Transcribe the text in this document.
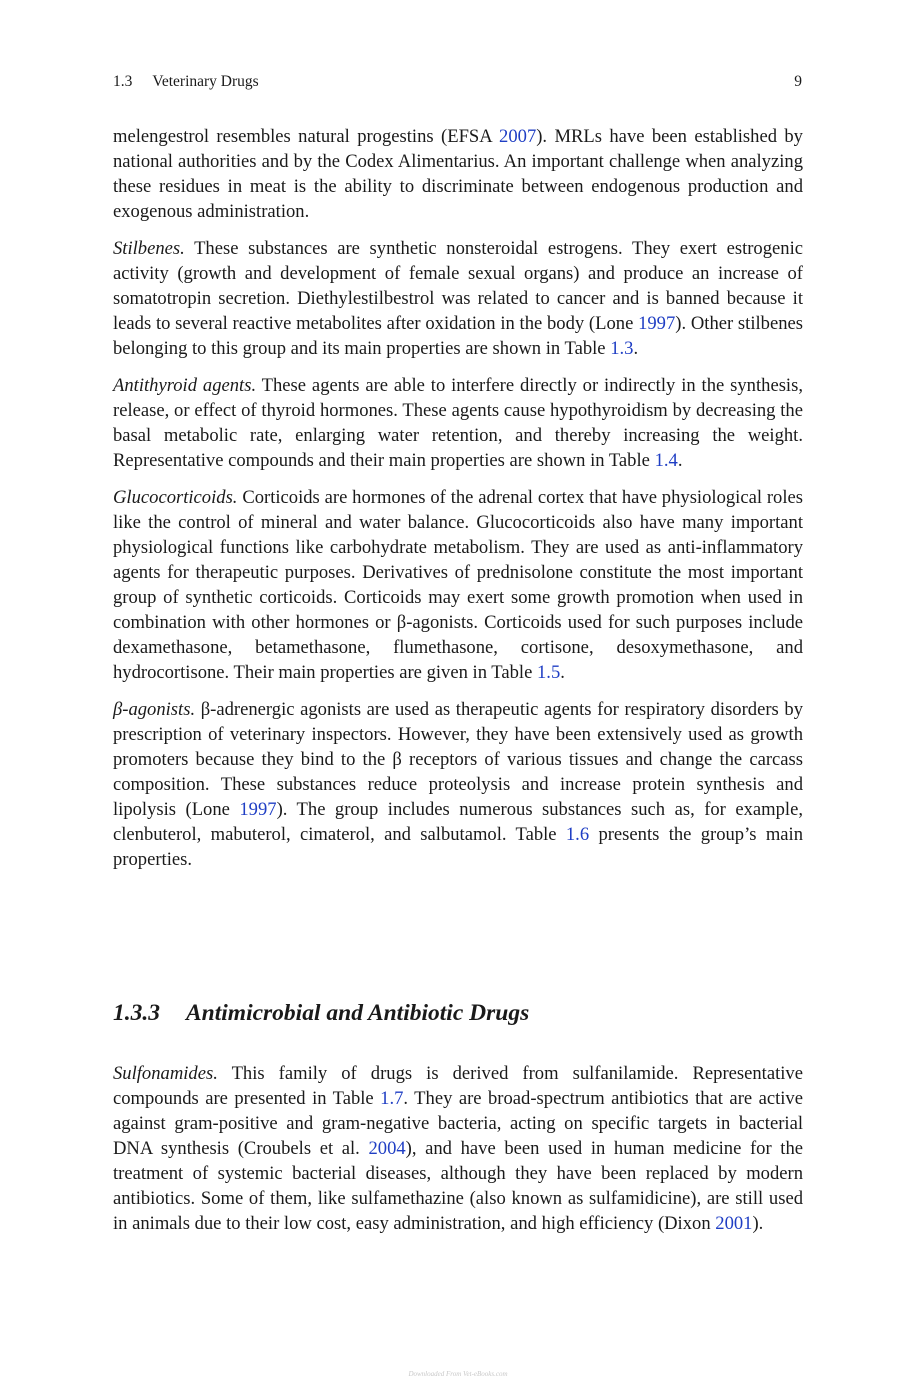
1.3 Veterinary Drugs	9

melengestrol resembles natural progestins (EFSA 2007). MRLs have been established by national authorities and by the Codex Alimentarius. An important challenge when analyzing these residues in meat is the ability to discriminate between endogenous production and exogenous administration.

Stilbenes. These substances are synthetic nonsteroidal estrogens. They exert estrogenic activity (growth and development of female sexual organs) and produce an increase of somatotropin secretion. Diethylestilbestrol was related to cancer and is banned because it leads to several reactive metabolites after oxidation in the body (Lone 1997). Other stilbenes belonging to this group and its main properties are shown in Table 1.3.

Antithyroid agents. These agents are able to interfere directly or indirectly in the synthesis, release, or effect of thyroid hormones. These agents cause hypothyroidism by decreasing the basal metabolic rate, enlarging water retention, and thereby increasing the weight. Representative compounds and their main properties are shown in Table 1.4.

Glucocorticoids. Corticoids are hormones of the adrenal cortex that have physiological roles like the control of mineral and water balance. Glucocorticoids also have many important physiological functions like carbohydrate metabolism. They are used as anti-inflammatory agents for therapeutic purposes. Derivatives of prednisolone constitute the most important group of synthetic corticoids. Corticoids may exert some growth promotion when used in combination with other hormones or β-agonists. Corticoids used for such purposes include dexamethasone, betamethasone, flumethasone, cortisone, desoxymethasone, and hydrocortisone. Their main properties are given in Table 1.5.

β-agonists. β-adrenergic agonists are used as therapeutic agents for respiratory disorders by prescription of veterinary inspectors. However, they have been extensively used as growth promoters because they bind to the β receptors of various tissues and change the carcass composition. These substances reduce proteolysis and increase protein synthesis and lipolysis (Lone 1997). The group includes numerous substances such as, for example, clenbuterol, mabuterol, cimaterol, and salbutamol. Table 1.6 presents the group’s main properties.

1.3.3 Antimicrobial and Antibiotic Drugs

Sulfonamides. This family of drugs is derived from sulfanilamide. Representative compounds are presented in Table 1.7. They are broad-spectrum antibiotics that are active against gram-positive and gram-negative bacteria, acting on specific targets in bacterial DNA synthesis (Croubels et al. 2004), and have been used in human medicine for the treatment of systemic bacterial diseases, although they have been replaced by modern antibiotics. Some of them, like sulfamethazine (also known as sulfamidicine), are still used in animals due to their low cost, easy administration, and high efficiency (Dixon 2001).

Downloaded From Vet-eBooks.com
